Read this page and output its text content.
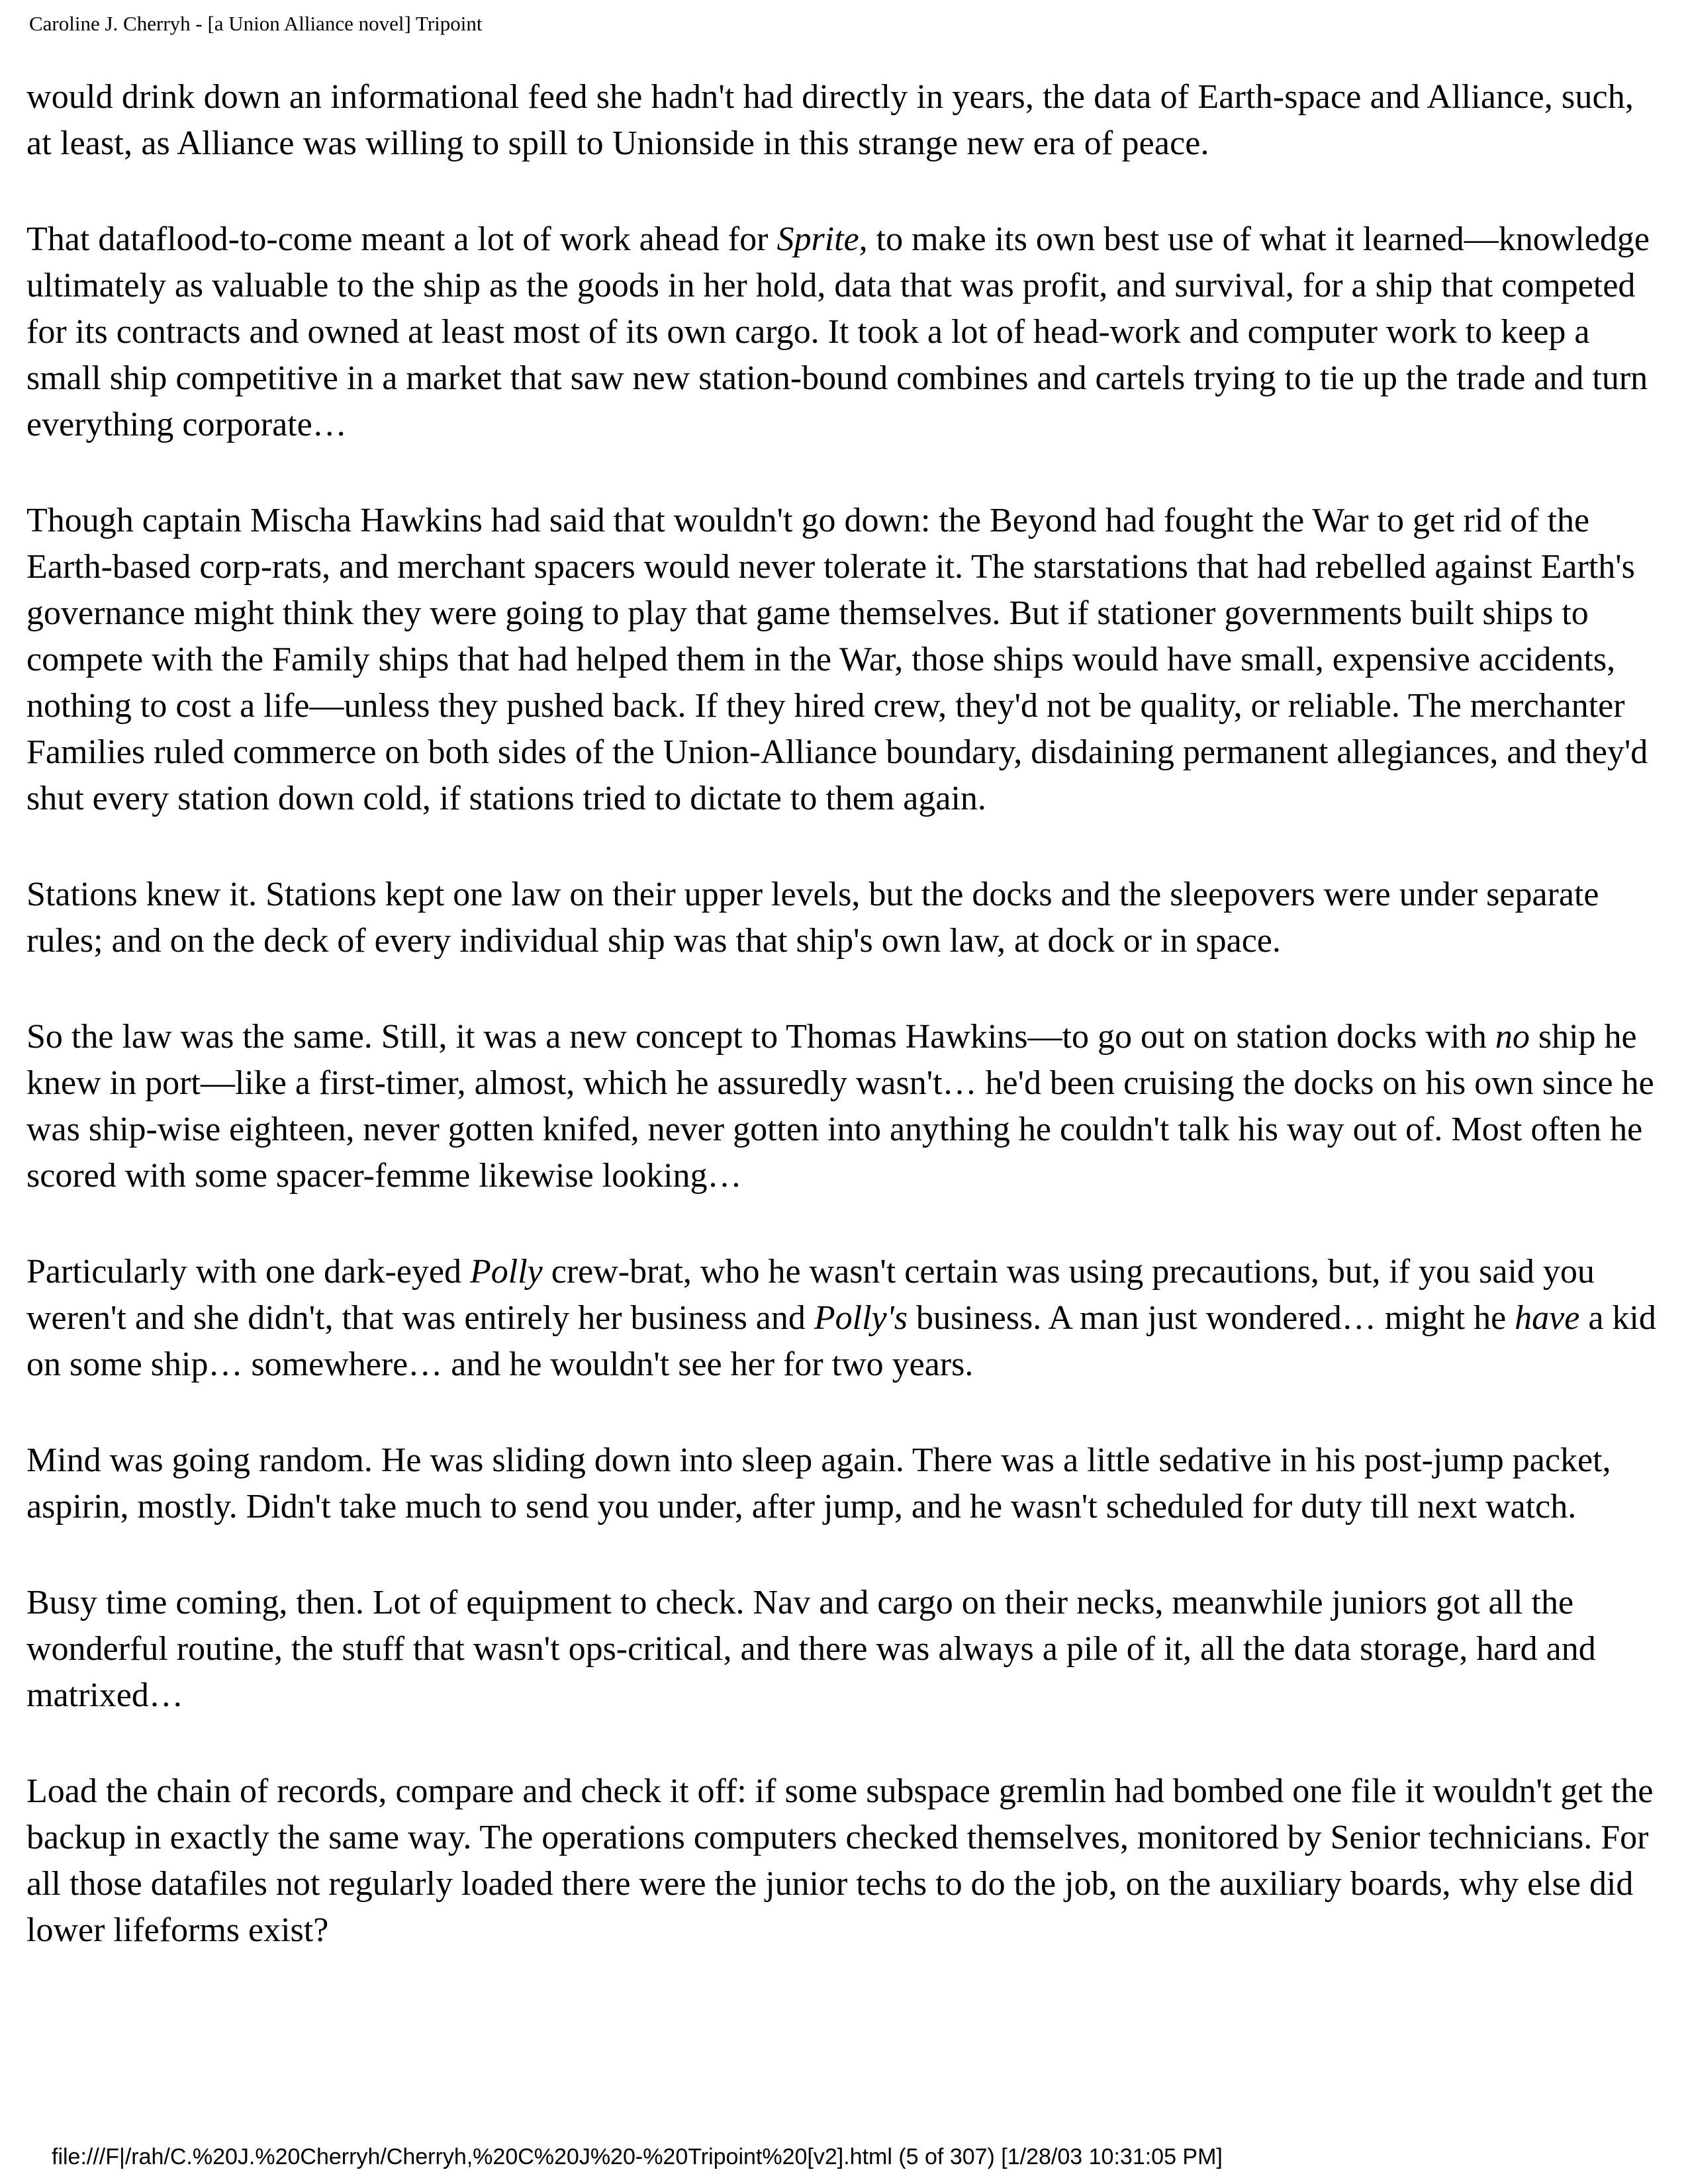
Caroline J. Cherryh - [a Union Alliance novel] Tripoint

would drink down an informational feed she hadn't had directly in years, the data of Earth-space and Alliance, such, at least, as Alliance was willing to spill to Unionside in this strange new era of peace.

That dataflood-to-come meant a lot of work ahead for Sprite, to make its own best use of what it learned—knowledge ultimately as valuable to the ship as the goods in her hold, data that was profit, and survival, for a ship that competed for its contracts and owned at least most of its own cargo. It took a lot of head-work and computer work to keep a small ship competitive in a market that saw new station-bound combines and cartels trying to tie up the trade and turn everything corporate…

Though captain Mischa Hawkins had said that wouldn't go down: the Beyond had fought the War to get rid of the Earth-based corp-rats, and merchant spacers would never tolerate it. The starstations that had rebelled against Earth's governance might think they were going to play that game themselves. But if stationer governments built ships to compete with the Family ships that had helped them in the War, those ships would have small, expensive accidents, nothing to cost a life—unless they pushed back. If they hired crew, they'd not be quality, or reliable. The merchanter Families ruled commerce on both sides of the Union-Alliance boundary, disdaining permanent allegiances, and they'd shut every station down cold, if stations tried to dictate to them again.

Stations knew it. Stations kept one law on their upper levels, but the docks and the sleepovers were under separate rules; and on the deck of every individual ship was that ship's own law, at dock or in space.

So the law was the same. Still, it was a new concept to Thomas Hawkins—to go out on station docks with no ship he knew in port—like a first-timer, almost, which he assuredly wasn't… he'd been cruising the docks on his own since he was ship-wise eighteen, never gotten knifed, never gotten into anything he couldn't talk his way out of. Most often he scored with some spacer-femme likewise looking…

Particularly with one dark-eyed Polly crew-brat, who he wasn't certain was using precautions, but, if you said you weren't and she didn't, that was entirely her business and Polly's business. A man just wondered… might he have a kid on some ship… somewhere… and he wouldn't see her for two years.

Mind was going random. He was sliding down into sleep again. There was a little sedative in his post-jump packet, aspirin, mostly. Didn't take much to send you under, after jump, and he wasn't scheduled for duty till next watch.

Busy time coming, then. Lot of equipment to check. Nav and cargo on their necks, meanwhile juniors got all the wonderful routine, the stuff that wasn't ops-critical, and there was always a pile of it, all the data storage, hard and matrixed…

Load the chain of records, compare and check it off: if some subspace gremlin had bombed one file it wouldn't get the backup in exactly the same way. The operations computers checked themselves, monitored by Senior technicians. For all those datafiles not regularly loaded there were the junior techs to do the job, on the auxiliary boards, why else did lower lifeforms exist?

file:///F|/rah/C.%20J.%20Cherryh/Cherryh,%20C%20J%20-%20Tripoint%20[v2].html (5 of 307) [1/28/03 10:31:05 PM]
